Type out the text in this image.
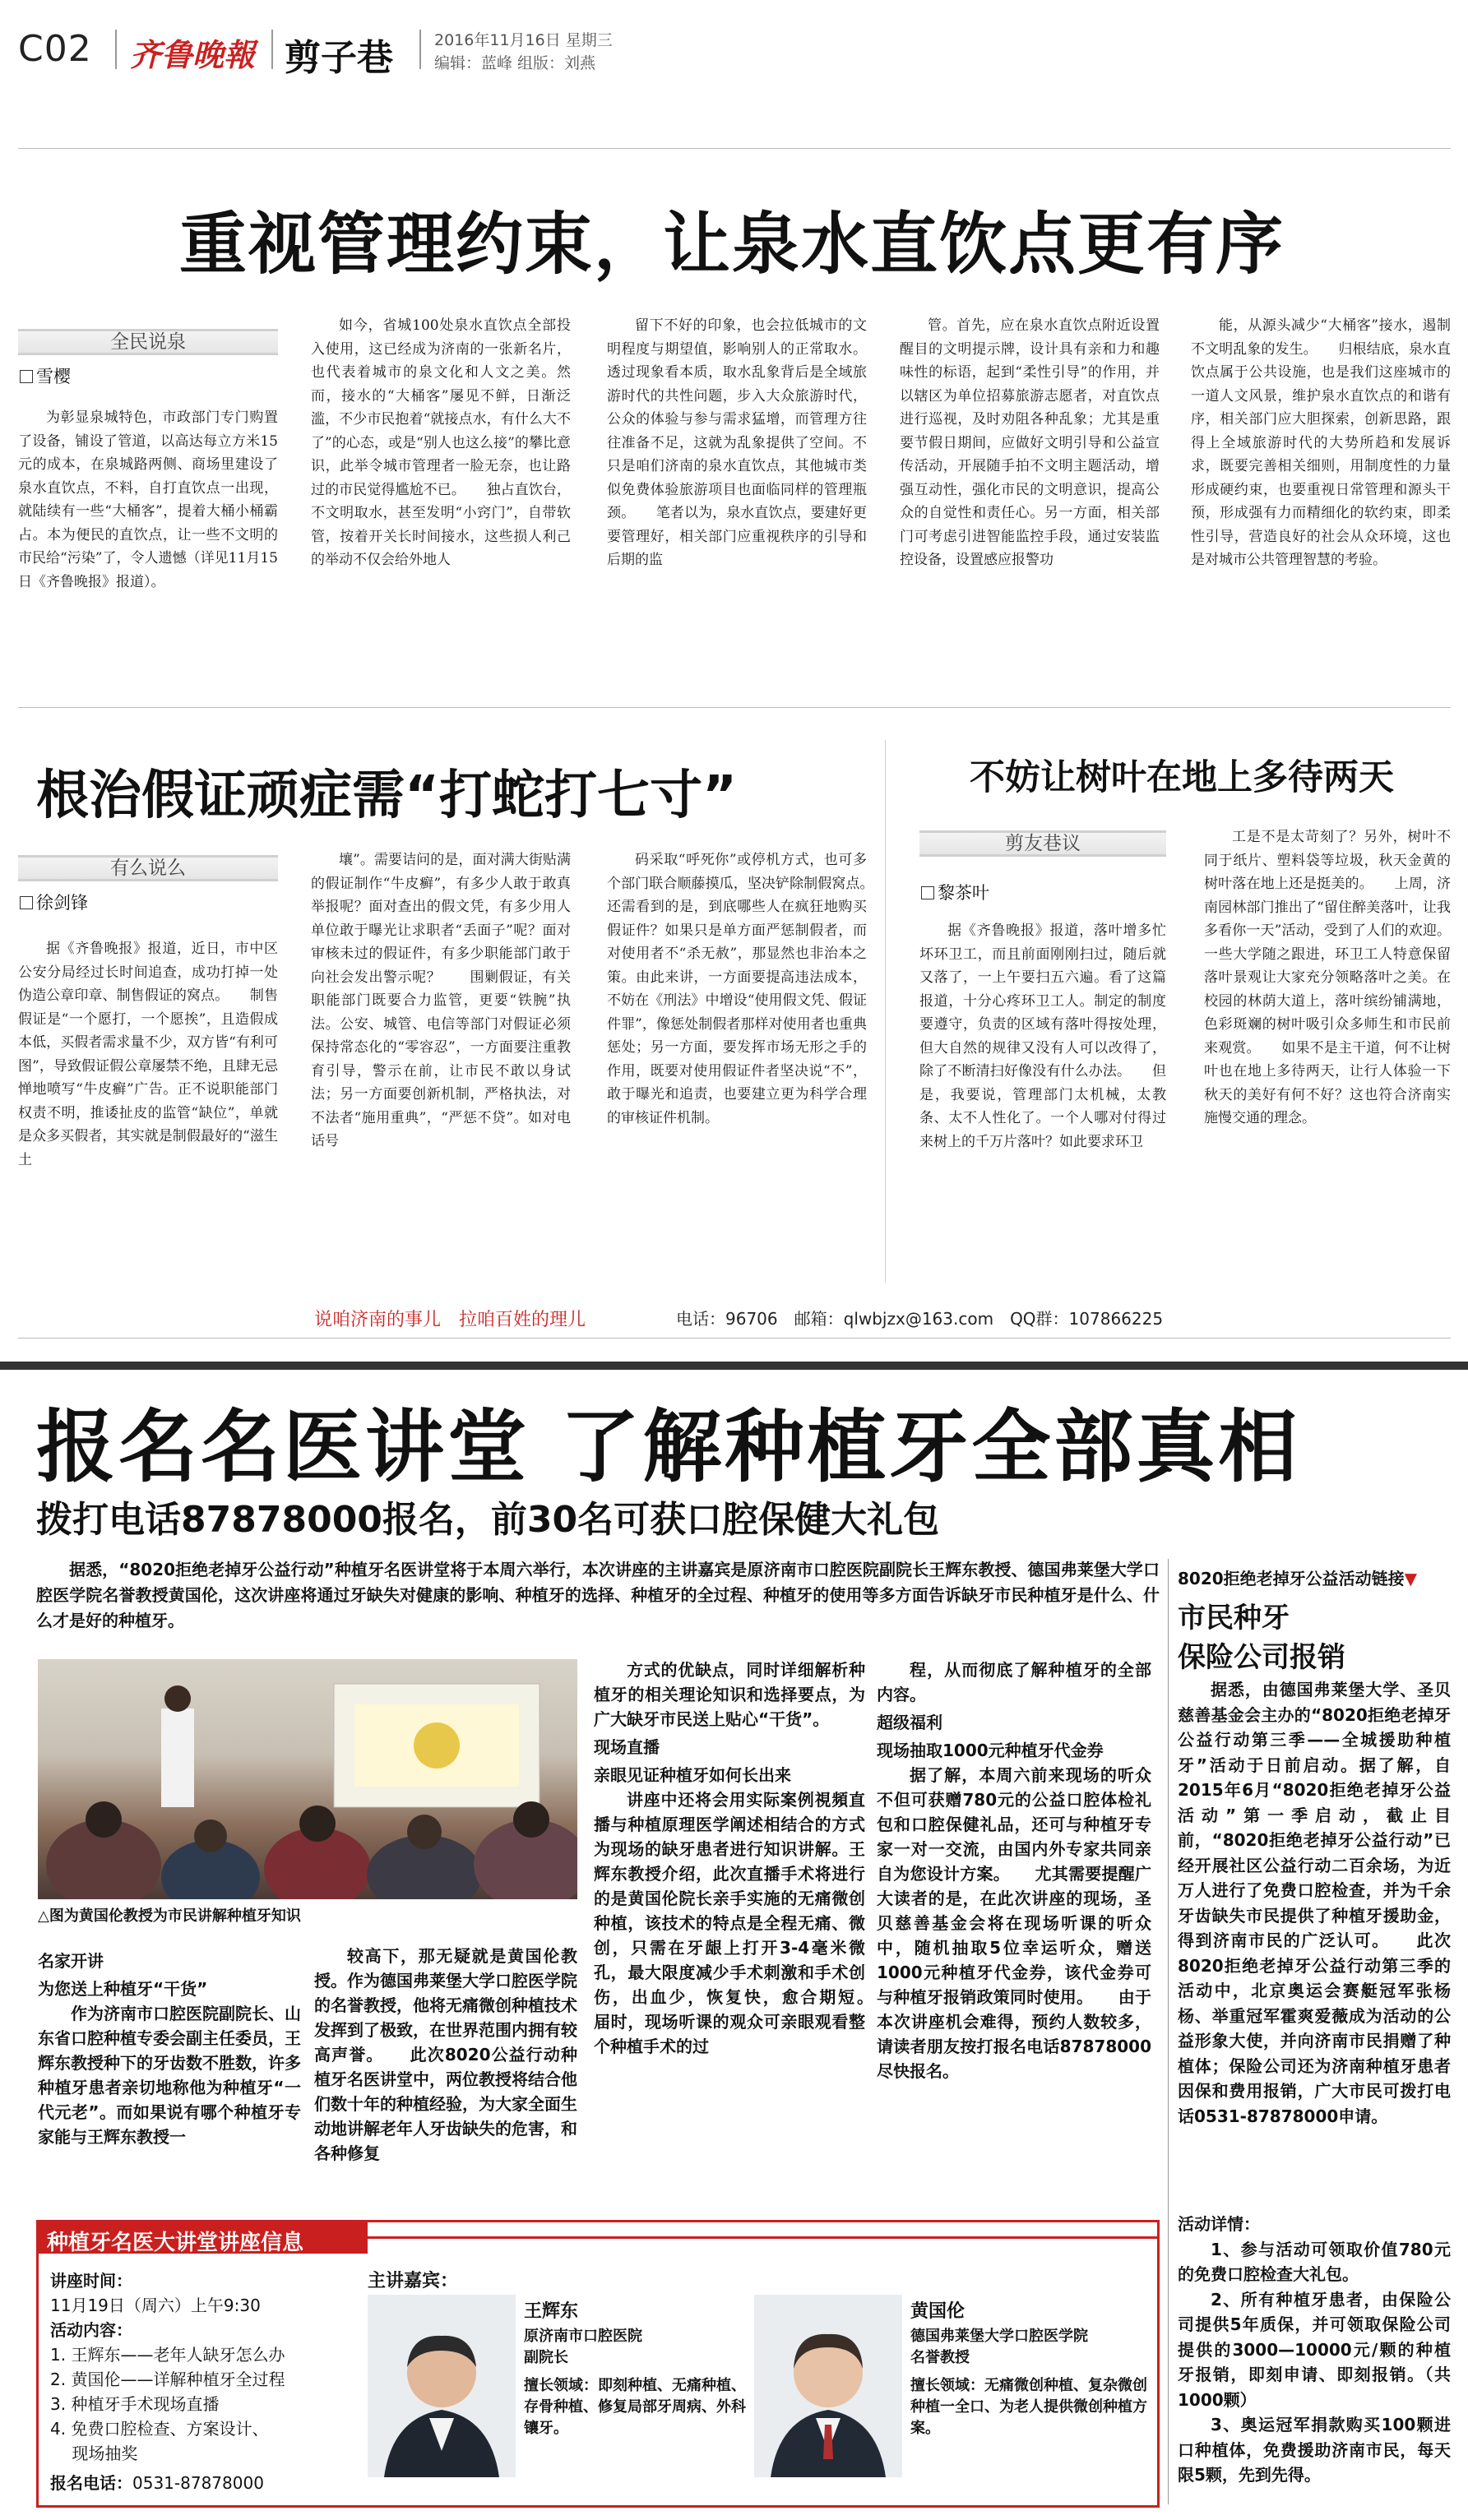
C02 齐鲁晚報 剪子巷	2016年11月16日 星期三
编辑：蓝峰 组版：刘燕
重视管理约束，让泉水直饮点更有序
全民说泉
雪樱

为彰显泉城特色，市政部门专门购置了设备，铺设了管道，以高达每立方米15元的成本，在泉城路两侧、商场里建设了泉水直饮点，不料，自打直饮点一出现，就陆续有一些“大桶客”，提着大桶小桶霸占。本为便民的直饮点，让一些不文明的市民给“污染”了，令人遗憾（详见11月15日《齐鲁晚报》报道）。

如今，省城100处泉水直饮点全部投入使用，这已经成为济南的一张新名片，也代表着城市的泉文化和人文之美。然而，接水的“大桶客”屡见不鲜，日渐泛滥，不少市民抱着“就接点水，有什么大不了”的心态，或是“别人也这么接”的攀比意识，此举令城市管理者一脸无奈，也让路过的市民觉得尴尬不已。　　独占直饮台，不文明取水，甚至发明“小窍门”，自带软管，按着开关长时间接水，这些损人利己的举动不仅会给外地人

留下不好的印象，也会拉低城市的文明程度与期望值，影响别人的正常取水。透过现象看本质，取水乱象背后是全域旅游时代的共性问题，步入大众旅游时代，公众的体验与参与需求猛增，而管理方往往准备不足，这就为乱象提供了空间。不只是咱们济南的泉水直饮点，其他城市类似免费体验旅游项目也面临同样的管理瓶颈。　　笔者以为，泉水直饮点，要建好更要管理好，相关部门应重视秩序的引导和后期的监

管。首先，应在泉水直饮点附近设置醒目的文明提示牌，设计具有亲和力和趣味性的标语，起到“柔性引导”的作用，并以辖区为单位招募旅游志愿者，对直饮点进行巡视，及时劝阻各种乱象；尤其是重要节假日期间，应做好文明引导和公益宣传活动，开展随手拍不文明主题活动，增强互动性，强化市民的文明意识，提高公众的自觉性和责任心。另一方面，相关部门可考虑引进智能监控手段，通过安装监控设备，设置感应报警功

能，从源头减少“大桶客”接水，遏制不文明乱象的发生。　　归根结底，泉水直饮点属于公共设施，也是我们这座城市的一道人文风景，维护泉水直饮点的和谐有序，相关部门应大胆探索，创新思路，跟得上全域旅游时代的大势所趋和发展诉求，既要完善相关细则，用制度性的力量形成硬约束，也要重视日常管理和源头干预，形成强有力而精细化的软约束，即柔性引导，营造良好的社会从众环境，这也是对城市公共管理智慧的考验。

根治假证顽症需“打蛇打七寸”
有么说么
徐剑锋

据《齐鲁晚报》报道，近日，市中区公安分局经过长时间追查，成功打掉一处伪造公章印章、制售假证的窝点。　　制售假证是“一个愿打，一个愿挨”，且造假成本低，买假者需求量不少，双方皆“有利可图”，导致假证假公章屡禁不绝，且肆无忌惮地喷写“牛皮癣”广告。正不说职能部门权责不明，推诿扯皮的监管“缺位”，单就是众多买假者，其实就是制假最好的“滋生土

壤”。需要诘问的是，面对满大街贴满的假证制作“牛皮癣”，有多少人敢于敢真举报呢？面对查出的假文凭，有多少用人单位敢于曝光让求职者“丢面子”呢？面对审核未过的假证件，有多少职能部门敢于向社会发出警示呢？　　围剿假证，有关职能部门既要合力监管，更要“铁腕”执法。公安、城管、电信等部门对假证必须保持常态化的“零容忍”，一方面要注重教育引导，警示在前，让市民不敢以身试法；另一方面要创新机制，严格执法，对不法者“施用重典”，“严惩不贷”。如对电话号

码采取“呼死你”或停机方式，也可多个部门联合顺藤摸瓜，坚决铲除制假窝点。　　还需看到的是，到底哪些人在疯狂地购买假证件？如果只是单方面严惩制假者，而对使用者不“杀无赦”，那显然也非治本之策。由此来讲，一方面要提高违法成本，不妨在《刑法》中增设“使用假文凭、假证件罪”，像惩处制假者那样对使用者也重典惩处；另一方面，要发挥市场无形之手的作用，既要对使用假证件者坚决说“不”，敢于曝光和追责，也要建立更为科学合理的审核证件机制。

不妨让树叶在地上多待两天
剪友巷议
黎茶叶

据《齐鲁晚报》报道，落叶增多忙坏环卫工，而且前面刚刚扫过，随后就又落了，一上午要扫五六遍。看了这篇报道，十分心疼环卫工人。制定的制度要遵守，负责的区域有落叶得按处理，但大自然的规律又没有人可以改得了，除了不断清扫好像没有什么办法。　　但是，我要说，管理部门太机械，太教条、太不人性化了。一个人哪对付得过来树上的千万片落叶？如此要求环卫

工是不是太苛刻了？另外，树叶不同于纸片、塑料袋等垃圾，秋天金黄的树叶落在地上还是挺美的。　　上周，济南园林部门推出了“留住醉美落叶，让我多看你一天”活动，受到了人们的欢迎。一些大学随之跟进，环卫工人特意保留落叶景观让大家充分领略落叶之美。在校园的林荫大道上，落叶缤纷铺满地，色彩斑斓的树叶吸引众多师生和市民前来观赏。　　如果不是主干道，何不让树叶也在地上多待两天，让行人体验一下秋天的美好有何不好？这也符合济南实施慢交通的理念。

说咱济南的事儿　拉咱百姓的理儿	电话：96706　邮箱：qlwbjzx@163.com　QQ群：107866225
报名名医讲堂 了解种植牙全部真相
拨打电话87878000报名，前30名可获口腔保健大礼包

据悉，“8020拒绝老掉牙公益行动”种植牙名医讲堂将于本周六举行，本次讲座的主讲嘉宾是原济南市口腔医院副院长王辉东教授、德国弗莱堡大学口腔医学院名誉教授黄国伦，这次讲座将通过牙缺失对健康的影响、种植牙的选择、种植牙的全过程、种植牙的使用等多方面告诉缺牙市民种植牙是什么、什么才是好的种植牙。

△图为黄国伦教授为市民讲解种植牙知识
名家开讲
为您送上种植牙“干货”

作为济南市口腔医院副院长、山东省口腔种植专委会副主任委员，王辉东教授种下的牙齿数不胜数，许多种植牙患者亲切地称他为种植牙“一代元老”。而如果说有哪个种植牙专家能与王辉东教授一

较高下，那无疑就是黄国伦教授。作为德国弗莱堡大学口腔医学院的名誉教授，他将无痛微创种植技术发挥到了极致，在世界范围内拥有较高声誉。　　此次8020公益行动种植牙名医讲堂中，两位教授将结合他们数十年的种植经验，为大家全面生动地讲解老年人牙齿缺失的危害，和各种修复

方式的优缺点，同时详细解析种植牙的相关理论知识和选择要点，为广大缺牙市民送上贴心“干货”。

现场直播
亲眼见证种植牙如何长出来

讲座中还将会用实际案例視頻直播与种植原理医学阐述相结合的方式为现场的缺牙患者进行知识讲解。王辉东教授介绍，此次直播手术将进行的是黄国伦院长亲手实施的无痛微创种植，该技术的特点是全程无痛、微创，只需在牙龈上打开3-4毫米微孔，最大限度减少手术刺激和手术创伤，出血少，恢复快，愈合期短。　　届时，现场听课的观众可亲眼观看整个种植手术的过

程，从而彻底了解种植牙的全部内容。

超级福利
现场抽取1000元种植牙代金券

据了解，本周六前来现场的听众不但可获赠780元的公益口腔体检礼包和口腔保健礼品，还可与种植牙专家一对一交流，由国内外专家共同亲自为您设计方案。　　尤其需要提醒广大读者的是，在此次讲座的现场，圣贝慈善基金会将在现场听课的听众中，随机抽取5位幸运听众，赠送1000元种植牙代金券，该代金券可与种植牙报销政策同时使用。　　由于本次讲座机会难得，预约人数较多，请读者朋友按打报名电话87878000尽快报名。

8020拒绝老掉牙公益活动链接▼
市民种牙
保险公司报销

据悉，由德国弗莱堡大学、圣贝慈善基金会主办的“8020拒绝老掉牙公益行动第三季——全城援助种植牙”活动于日前启动。据了解，自2015年6月“8020拒绝老掉牙公益活动”第一季启动，截止目前，“8020拒绝老掉牙公益行动”已经开展社区公益行动二百余场，为近万人进行了免费口腔检查，并为千余牙齿缺失市民提供了种植牙援助金，得到济南市民的广泛认可。　　此次8020拒绝老掉牙公益行动第三季的活动中，北京奥运会赛艇冠军张杨杨、举重冠军霍爽爱薇成为活动的公益形象大使，并向济南市民捐赠了种植体；保险公司还为济南种植牙患者因保和费用报销，广大市民可拨打电话0531-87878000申请。

活动详情：

1、参与活动可领取价值780元的免费口腔检查大礼包。

2、所有种植牙患者，由保险公司提供5年质保，并可领取保险公司提供的3000—10000元/颗的种植牙报销，即刻申请、即刻报销。（共1000颗）

3、奥运冠军捐款购买100颗进口种植体，免费援助济南市民，每天限5颗，先到先得。

种植牙名医大讲堂讲座信息
讲座时间：
11月19日（周六）上午9:30
活动内容：
1. 王辉东——老年人缺牙怎么办
2. 黄国伦——详解种植牙全过程
3. 种植牙手术现场直播
4. 免费口腔检查、方案设计、
　 现场抽奖
报名电话：0531-87878000
主讲嘉宾：
王辉东
原济南市口腔医院
副院长
擅长领域：即刻种植、无痛种植、存骨种植、修复局部牙周病、外科镶牙。
黄国伦
德国弗莱堡大学口腔医学院
名誉教授
擅长领域：无痛微创种植、复杂微创种植一全口、为老人提供微创种植方案。
